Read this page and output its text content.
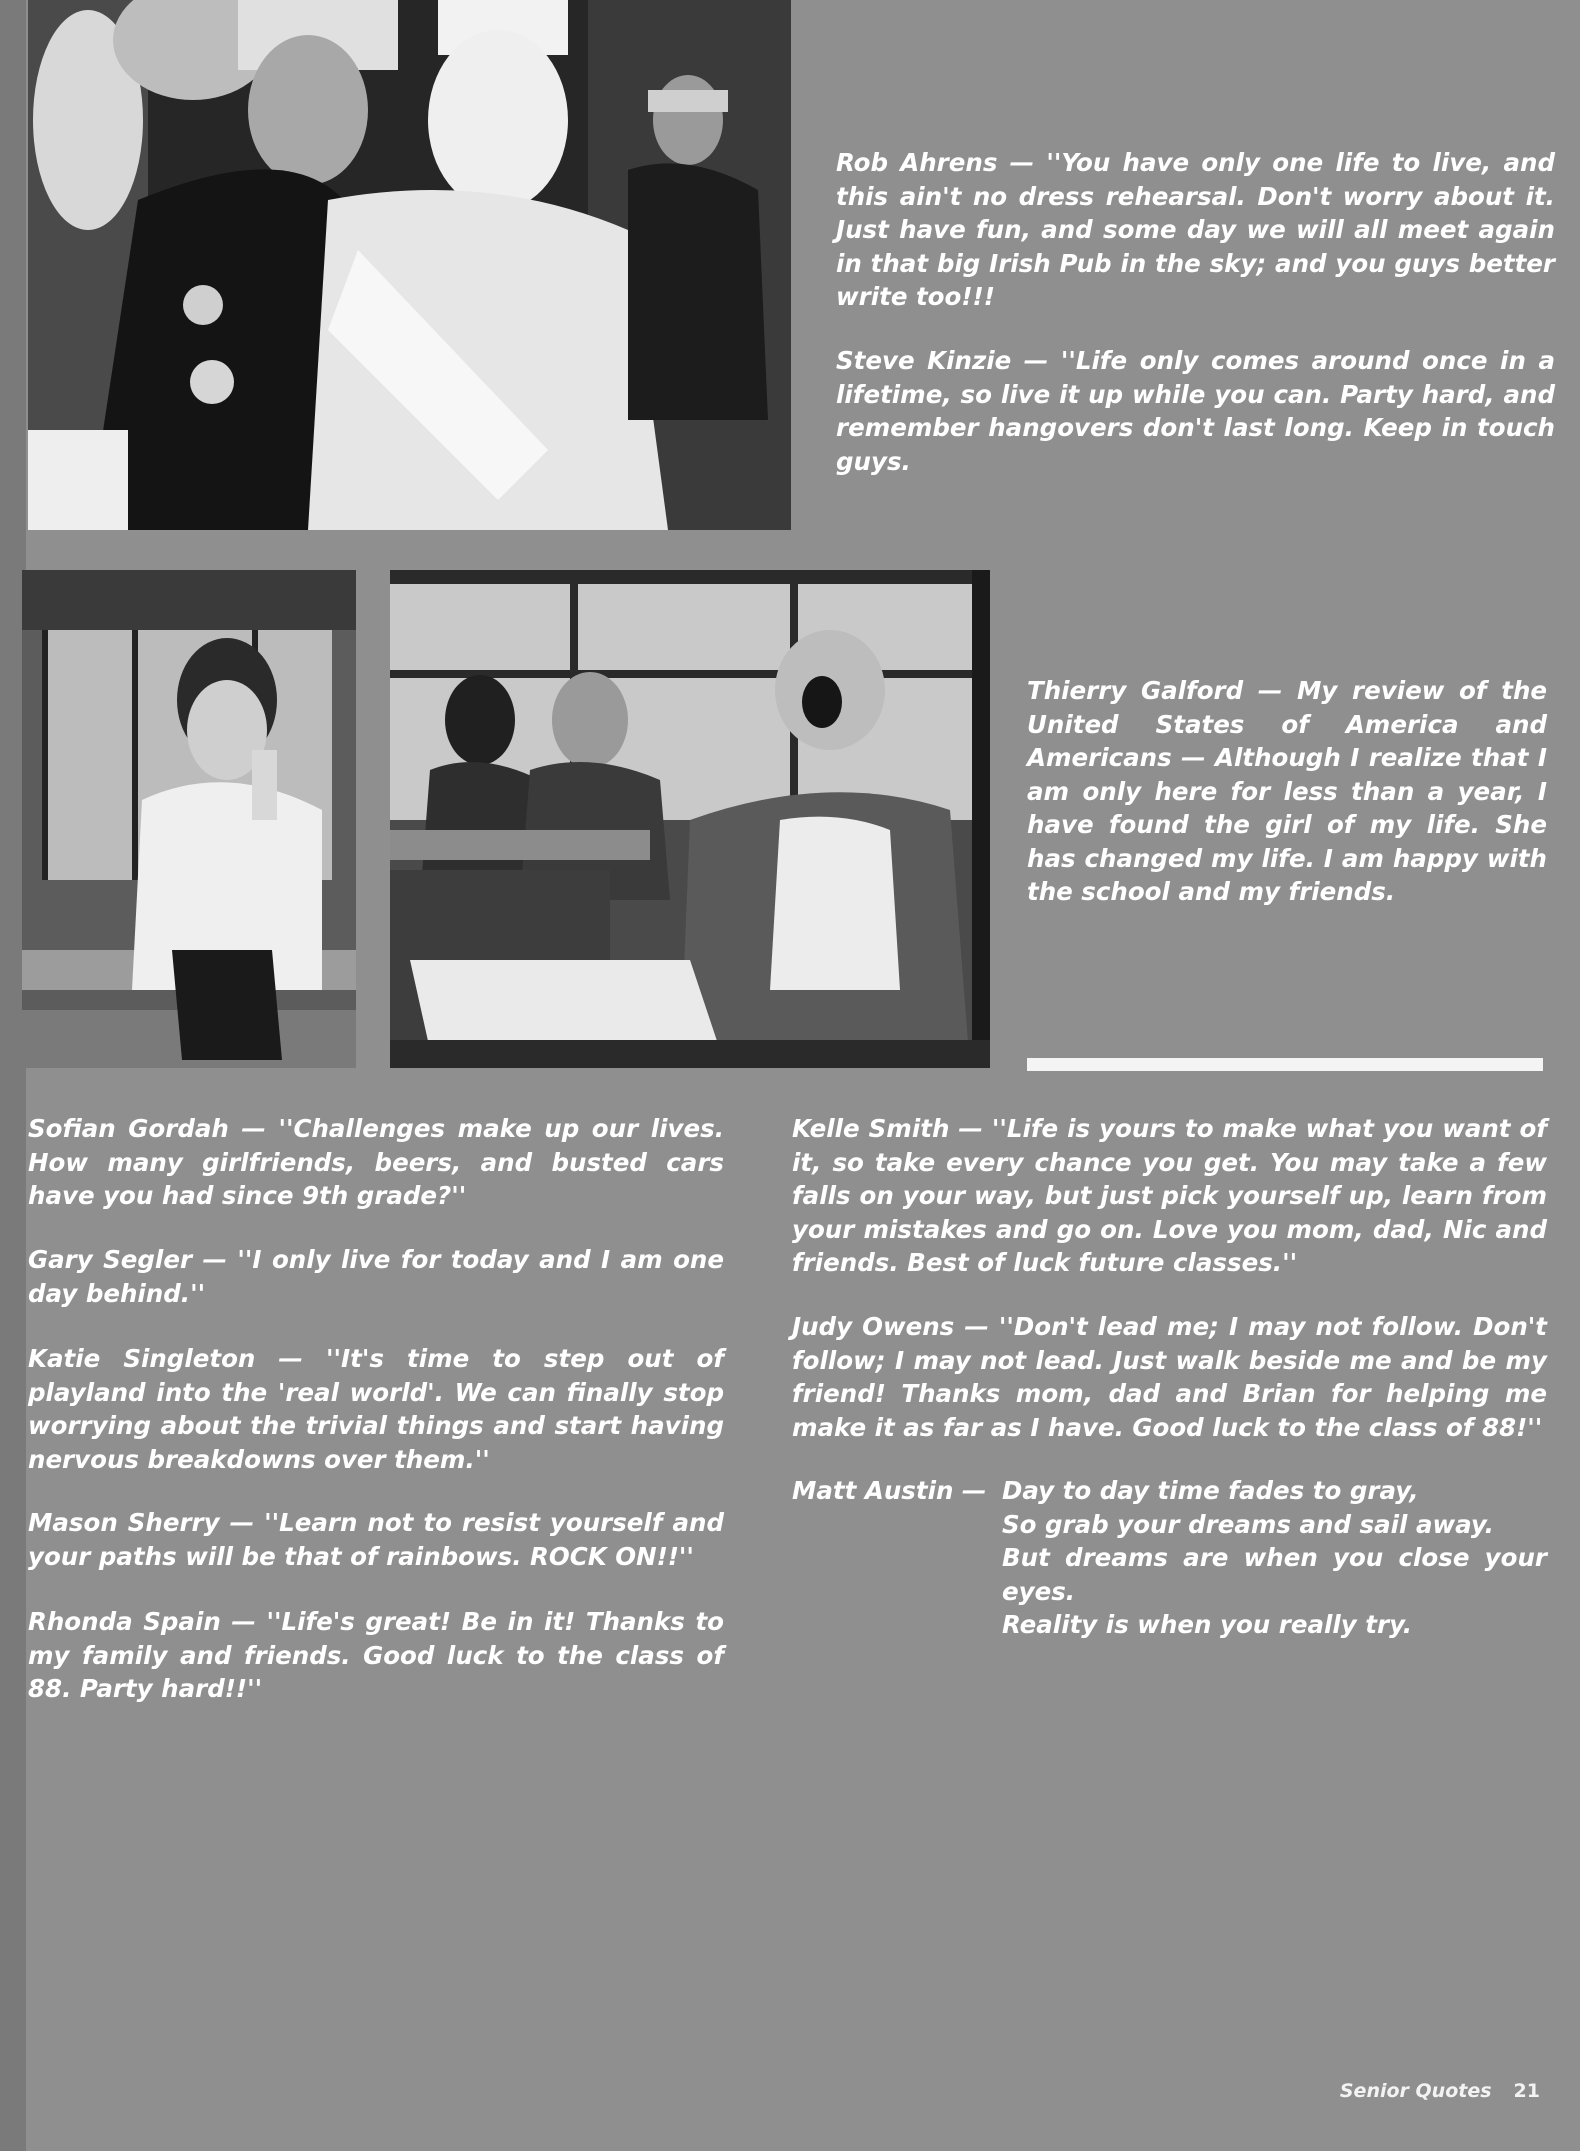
Rob Ahrens — ''You have only one life to live, and this ain't no dress rehearsal. Don't worry about it. Just have fun, and some day we will all meet again in that big Irish Pub in the sky; and you guys better write too!!!

Steve Kinzie — ''Life only comes around once in a lifetime, so live it up while you can. Party hard, and remember hangovers don't last long. Keep in touch guys.

Thierry Galford — My review of the United States of America and Americans — Although I realize that I am only here for less than a year, I have found the girl of my life. She has changed my life. I am happy with the school and my friends.

Sofian Gordah — ''Challenges make up our lives. How many girlfriends, beers, and busted cars have you had since 9th grade?''

Gary Segler — ''I only live for today and I am one day behind.''

Katie Singleton — ''It's time to step out of playland into the 'real world'. We can finally stop worrying about the trivial things and start having nervous breakdowns over them.''

Mason Sherry — ''Learn not to resist yourself and your paths will be that of rainbows. ROCK ON!!''

Rhonda Spain — ''Life's great! Be in it! Thanks to my family and friends. Good luck to the class of 88. Party hard!!''

Kelle Smith — ''Life is yours to make what you want of it, so take every chance you get. You may take a few falls on your way, but just pick yourself up, learn from your mistakes and go on. Love you mom, dad, Nic and friends. Best of luck future classes.''

Judy Owens — ''Don't lead me; I may not follow. Don't follow; I may not lead. Just walk beside me and be my friend! Thanks mom, dad and Brian for helping me make it as far as I have. Good luck to the class of 88!''

Matt Austin — Day to day time fades to gray,
So grab your dreams and sail away.
But dreams are when you close your
eyes.
Reality is when you really try.
Senior Quotes 21
